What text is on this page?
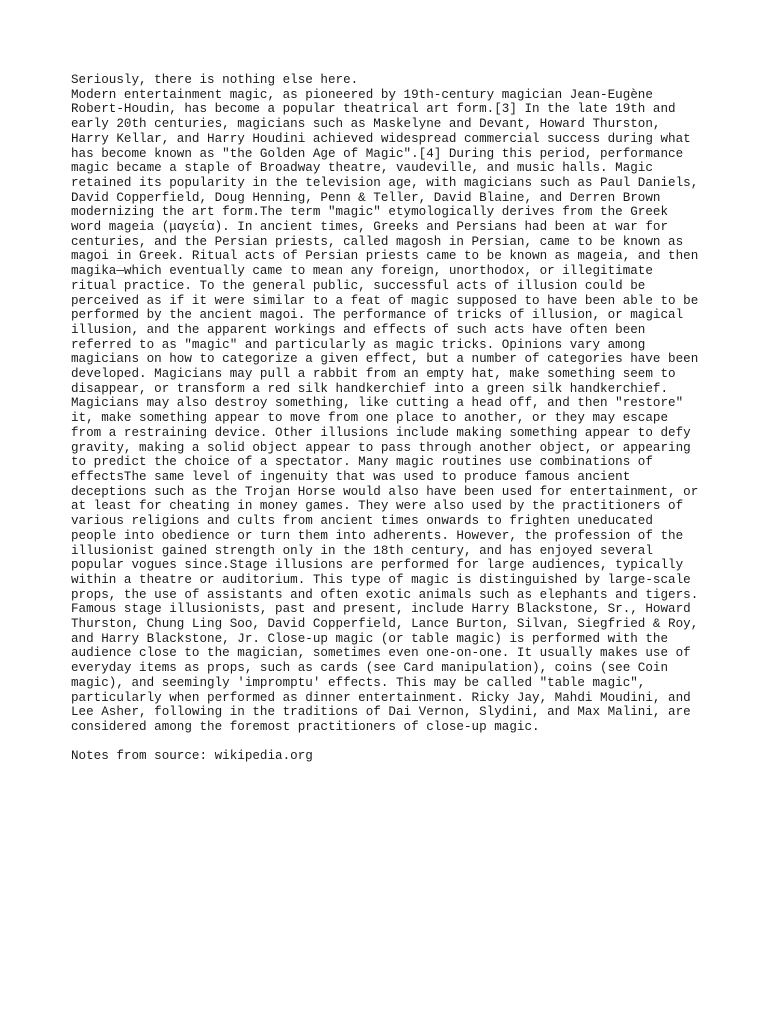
Seriously, there is nothing else here.
Modern entertainment magic, as pioneered by 19th-century magician Jean-Eugène
Robert-Houdin, has become a popular theatrical art form.[3] In the late 19th and
early 20th centuries, magicians such as Maskelyne and Devant, Howard Thurston,
Harry Kellar, and Harry Houdini achieved widespread commercial success during what
has become known as "the Golden Age of Magic".[4] During this period, performance
magic became a staple of Broadway theatre, vaudeville, and music halls. Magic
retained its popularity in the television age, with magicians such as Paul Daniels,
David Copperfield, Doug Henning, Penn & Teller, David Blaine, and Derren Brown
modernizing the art form.The term "magic" etymologically derives from the Greek
word mageia (μαγεία). In ancient times, Greeks and Persians had been at war for
centuries, and the Persian priests, called magosh in Persian, came to be known as
magoi in Greek. Ritual acts of Persian priests came to be known as mageia, and then
magika—which eventually came to mean any foreign, unorthodox, or illegitimate
ritual practice. To the general public, successful acts of illusion could be
perceived as if it were similar to a feat of magic supposed to have been able to be
performed by the ancient magoi. The performance of tricks of illusion, or magical
illusion, and the apparent workings and effects of such acts have often been
referred to as "magic" and particularly as magic tricks. Opinions vary among
magicians on how to categorize a given effect, but a number of categories have been
developed. Magicians may pull a rabbit from an empty hat, make something seem to
disappear, or transform a red silk handkerchief into a green silk handkerchief.
Magicians may also destroy something, like cutting a head off, and then "restore"
it, make something appear to move from one place to another, or they may escape
from a restraining device. Other illusions include making something appear to defy
gravity, making a solid object appear to pass through another object, or appearing
to predict the choice of a spectator. Many magic routines use combinations of
effectsThe same level of ingenuity that was used to produce famous ancient
deceptions such as the Trojan Horse would also have been used for entertainment, or
at least for cheating in money games. They were also used by the practitioners of
various religions and cults from ancient times onwards to frighten uneducated
people into obedience or turn them into adherents. However, the profession of the
illusionist gained strength only in the 18th century, and has enjoyed several
popular vogues since.Stage illusions are performed for large audiences, typically
within a theatre or auditorium. This type of magic is distinguished by large-scale
props, the use of assistants and often exotic animals such as elephants and tigers.
Famous stage illusionists, past and present, include Harry Blackstone, Sr., Howard
Thurston, Chung Ling Soo, David Copperfield, Lance Burton, Silvan, Siegfried & Roy,
and Harry Blackstone, Jr. Close-up magic (or table magic) is performed with the
audience close to the magician, sometimes even one-on-one. It usually makes use of
everyday items as props, such as cards (see Card manipulation), coins (see Coin
magic), and seemingly 'impromptu' effects. This may be called "table magic",
particularly when performed as dinner entertainment. Ricky Jay, Mahdi Moudini, and
Lee Asher, following in the traditions of Dai Vernon, Slydini, and Max Malini, are
considered among the foremost practitioners of close-up magic.
Notes from source: wikipedia.org
